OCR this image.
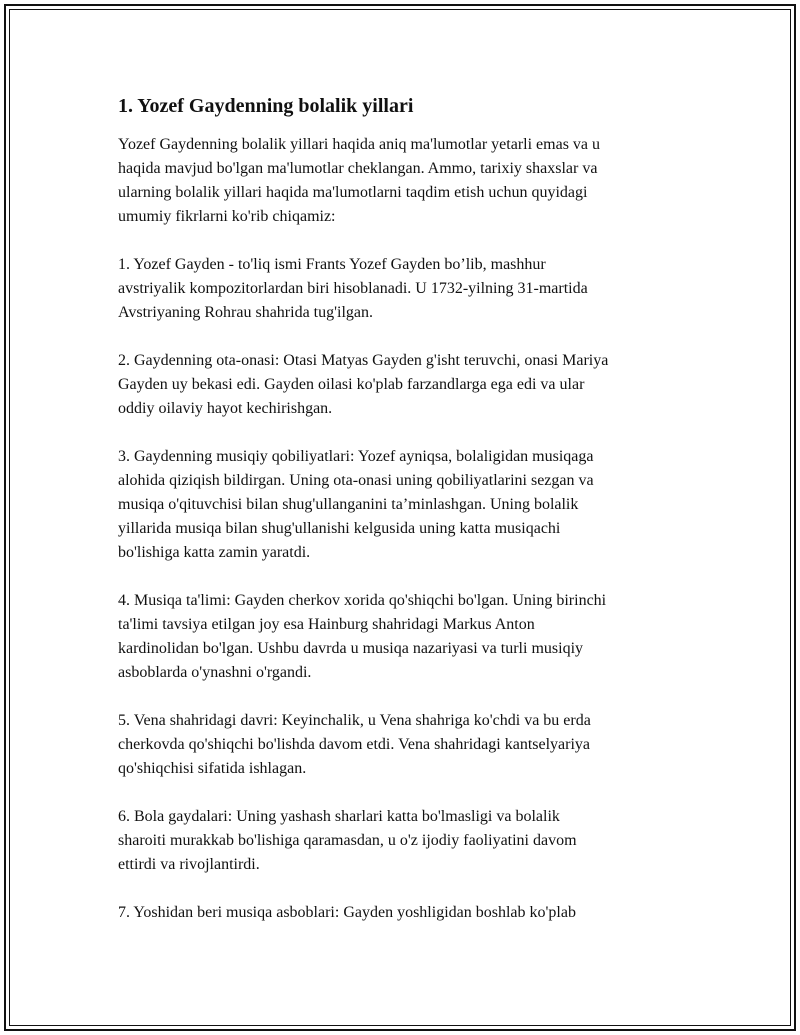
1. Yozef Gaydenning bolalik yillari

Yozef Gaydenning bolalik yillari haqida aniq ma'lumotlar yetarli emas va u
haqida mavjud bo'lgan ma'lumotlar cheklangan. Ammo, tarixiy shaxslar va
ularning bolalik yillari haqida ma'lumotlarni taqdim etish uchun quyidagi
umumiy fikrlarni ko'rib chiqamiz:

1. Yozef Gayden - to'liq ismi Frants Yozef Gayden bo’lib, mashhur
avstriyalik kompozitorlardan biri hisoblanadi. U 1732-yilning 31-martida
Avstriyaning Rohrau shahrida tug'ilgan.

2. Gaydenning ota-onasi: Otasi Matyas Gayden g'isht teruvchi, onasi Mariya
Gayden uy bekasi edi. Gayden oilasi ko'plab farzandlarga ega edi va ular
oddiy oilaviy hayot kechirishgan.

3. Gaydenning musiqiy qobiliyatlari: Yozef ayniqsa, bolaligidan musiqaga
alohida qiziqish bildirgan. Uning ota-onasi uning qobiliyatlarini sezgan va
musiqa o'qituvchisi bilan shug'ullanganini ta’minlashgan. Uning bolalik
yillarida musiqa bilan shug'ullanishi kelgusida uning katta musiqachi
bo'lishiga katta zamin yaratdi.

4. Musiqa ta'limi: Gayden cherkov xorida qo'shiqchi bo'lgan. Uning birinchi
ta'limi tavsiya etilgan joy esa Hainburg shahridagi Markus Anton
kardinolidan bo'lgan. Ushbu davrda u musiqa nazariyasi va turli musiqiy
asboblarda o'ynashni o'rgandi.

5. Vena shahridagi davri: Keyinchalik, u Vena shahriga ko'chdi va bu erda
cherkovda qo'shiqchi bo'lishda davom etdi. Vena shahridagi kantselyariya
qo'shiqchisi sifatida ishlagan.

6. Bola gaydalari: Uning yashash sharlari katta bo'lmasligi va bolalik
sharoiti murakkab bo'lishiga qaramasdan, u o'z ijodiy faoliyatini davom
ettirdi va rivojlantirdi.

7. Yoshidan beri musiqa asboblari: Gayden yoshligidan boshlab ko'plab
